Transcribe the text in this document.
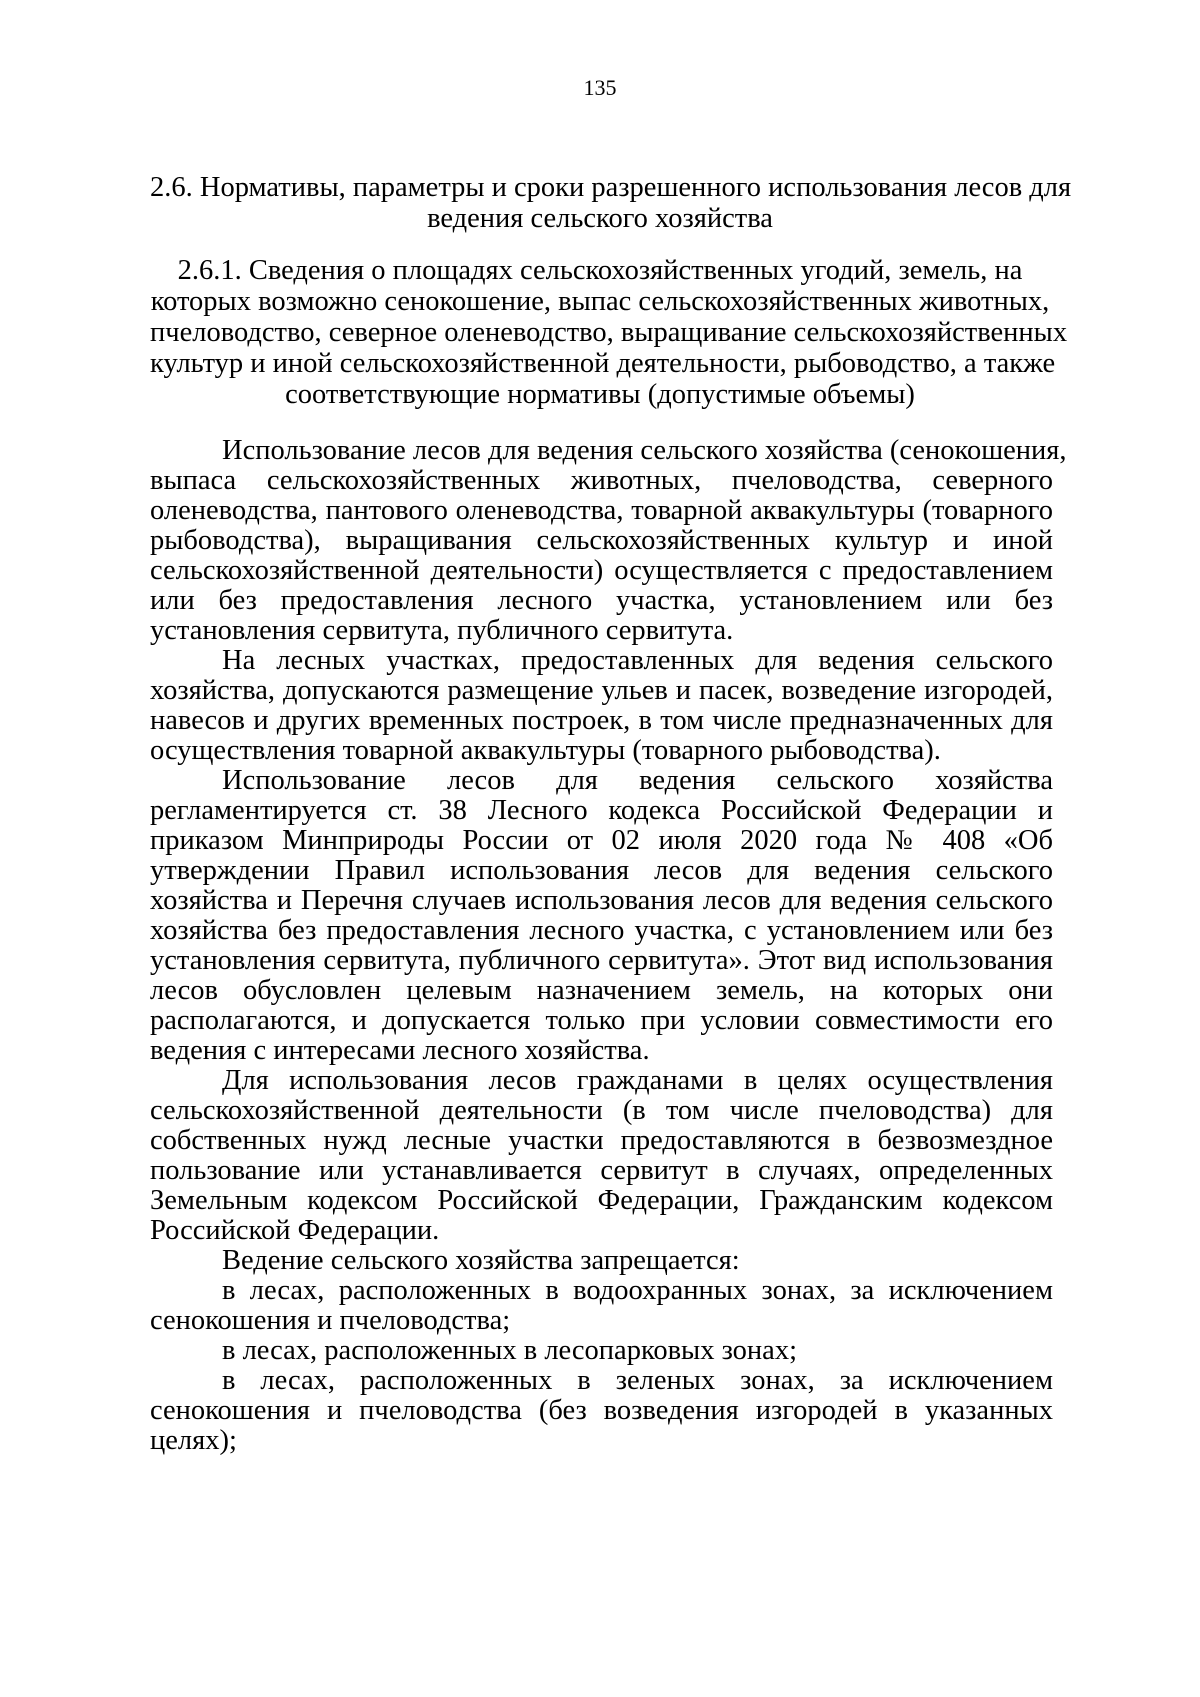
135
2.6. Нормативы, параметры и сроки разрешенного использования лесов для
ведения сельского хозяйства
2.6.1. Сведения о площадях сельскохозяйственных угодий, земель, на
которых возможно сенокошение, выпас сельскохозяйственных животных,
пчеловодство, северное оленеводство, выращивание сельскохозяйственных
культур и иной сельскохозяйственной деятельности, рыбоводство, а также
соответствующие нормативы (допустимые объемы)
Использование лесов для ведения сельского хозяйства (сенокошения,
выпаса сельскохозяйственных животных, пчеловодства, северного
оленеводства, пантового оленеводства, товарной аквакультуры (товарного
рыбоводства), выращивания сельскохозяйственных культур и иной
сельскохозяйственной деятельности) осуществляется с предоставлением
или без предоставления лесного участка, установлением или без
установления сервитута, публичного сервитута.
На лесных участках, предоставленных для ведения сельского
хозяйства, допускаются размещение ульев и пасек, возведение изгородей,
навесов и других временных построек, в том числе предназначенных для
осуществления товарной аквакультуры (товарного рыбоводства).
Использование лесов для ведения сельского хозяйства
регламентируется ст. 38 Лесного кодекса Российской Федерации и
приказом Минприроды России от 02 июля 2020 года № 408 «Об
утверждении Правил использования лесов для ведения сельского
хозяйства и Перечня случаев использования лесов для ведения сельского
хозяйства без предоставления лесного участка, с установлением или без
установления сервитута, публичного сервитута». Этот вид использования
лесов обусловлен целевым назначением земель, на которых они
располагаются, и допускается только при условии совместимости его
ведения с интересами лесного хозяйства.
Для использования лесов гражданами в целях осуществления
сельскохозяйственной деятельности (в том числе пчеловодства) для
собственных нужд лесные участки предоставляются в безвозмездное
пользование или устанавливается сервитут в случаях, определенных
Земельным кодексом Российской Федерации, Гражданским кодексом
Российской Федерации.
Ведение сельского хозяйства запрещается:
в лесах, расположенных в водоохранных зонах, за исключением
сенокошения и пчеловодства;
в лесах, расположенных в лесопарковых зонах;
в лесах, расположенных в зеленых зонах, за исключением
сенокошения и пчеловодства (без возведения изгородей в указанных
целях);
